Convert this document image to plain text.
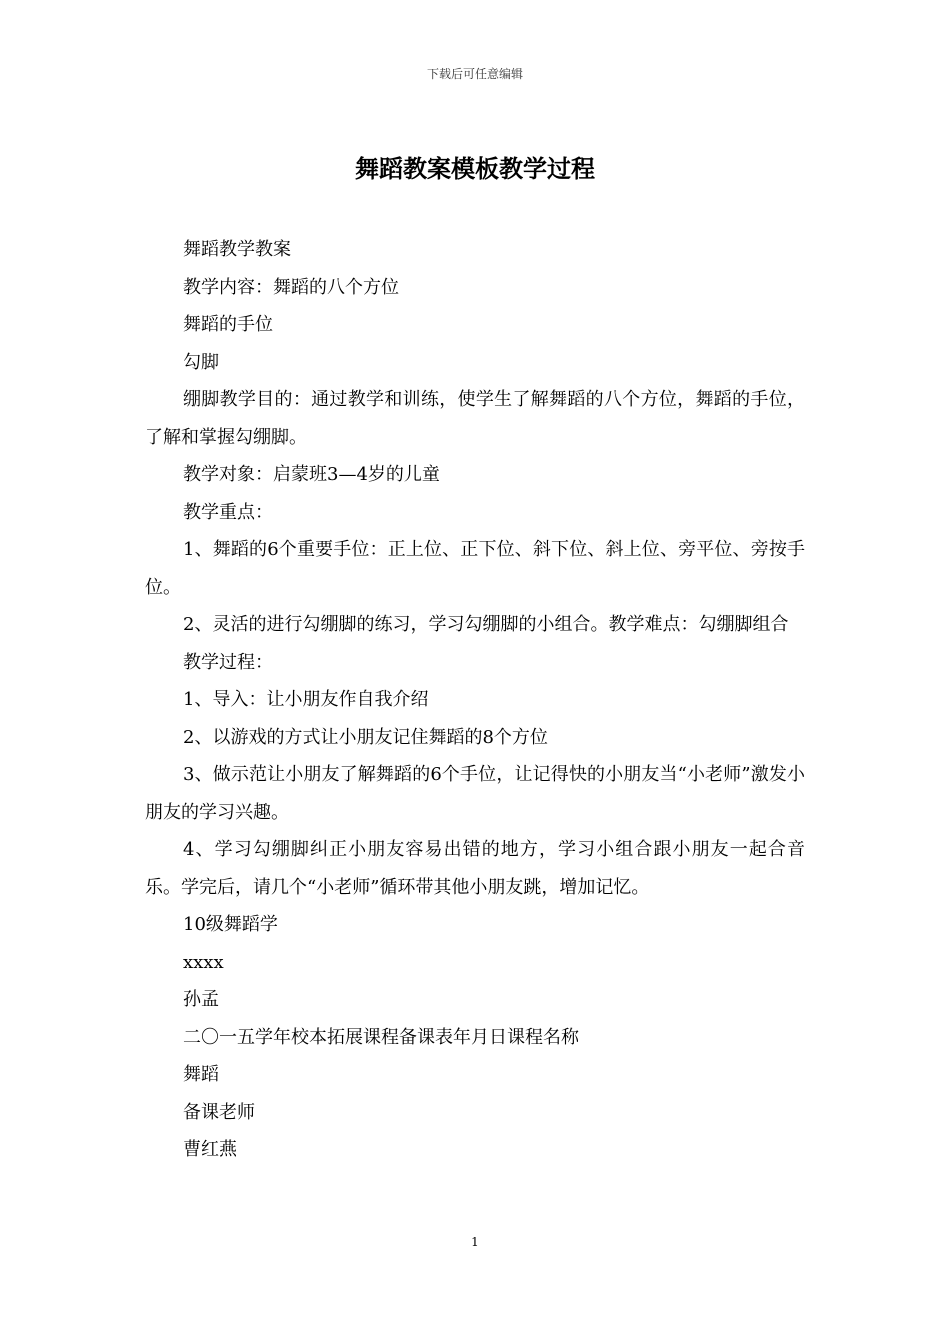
下载后可任意编辑
舞蹈教案模板教学过程

舞蹈教学教案

教学内容：舞蹈的八个方位

舞蹈的手位

勾脚

绷脚教学目的：通过教学和训练，使学生了解舞蹈的八个方位，舞蹈的手位，了解和掌握勾绷脚。

教学对象：启蒙班3—4岁的儿童

教学重点：

1、舞蹈的6个重要手位：正上位、正下位、斜下位、斜上位、旁平位、旁按手位。

2、灵活的进行勾绷脚的练习，学习勾绷脚的小组合。教学难点：勾绷脚组合

教学过程：

1、导入：让小朋友作自我介绍

2、以游戏的方式让小朋友记住舞蹈的8个方位

3、做示范让小朋友了解舞蹈的6个手位，让记得快的小朋友当“小老师”激发小朋友的学习兴趣。

4、学习勾绷脚纠正小朋友容易出错的地方，学习小组合跟小朋友一起合音乐。学完后，请几个“小老师”循环带其他小朋友跳，增加记忆。

10级舞蹈学

xxxx

孙孟

二〇一五学年校本拓展课程备课表年月日课程名称

舞蹈

备课老师

曹红燕

1
